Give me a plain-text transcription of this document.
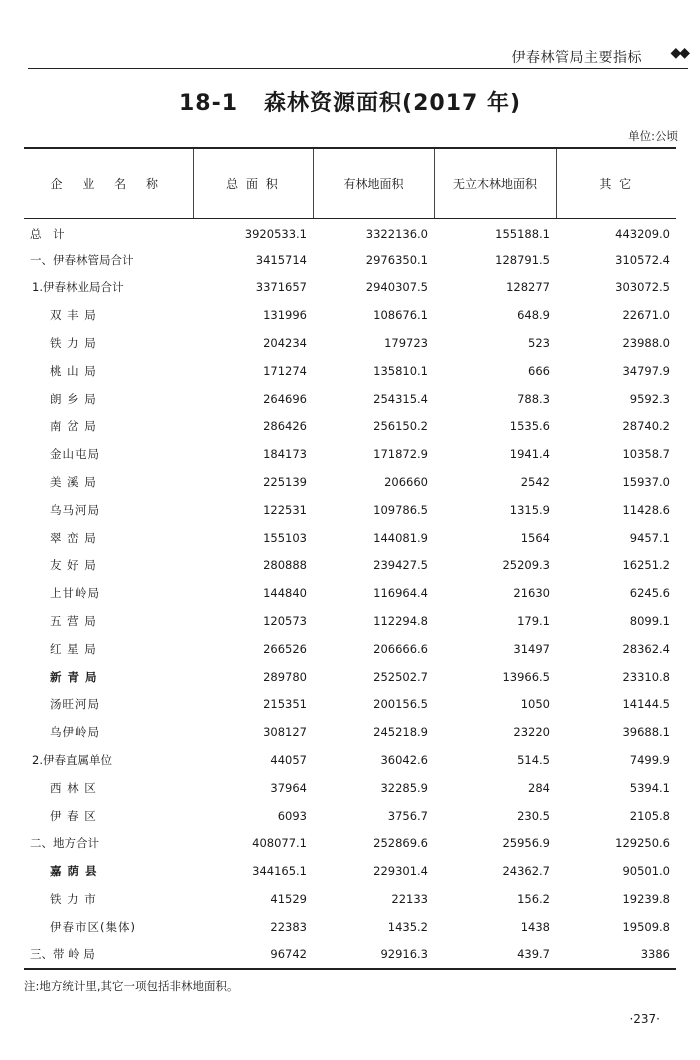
伊春林管局主要指标 ◆◆
18-1 森林资源面积(2017 年)
单位:公顷
企 业 名 称	总 面 积	有林地面积	无立木林地面积	其 它
总　计	3920533.1	3322136.0	155188.1	443209.0
一、伊春林管局合计	3415714	2976350.1	128791.5	310572.4
1.伊春林业局合计	3371657	2940307.5	128277	303072.5
双 丰 局	131996	108676.1	648.9	22671.0
铁 力 局	204234	179723	523	23988.0
桃 山 局	171274	135810.1	666	34797.9
朗 乡 局	264696	254315.4	788.3	9592.3
南 岔 局	286426	256150.2	1535.6	28740.2
金山屯局	184173	171872.9	1941.4	10358.7
美 溪 局	225139	206660	2542	15937.0
乌马河局	122531	109786.5	1315.9	11428.6
翠 峦 局	155103	144081.9	1564	9457.1
友 好 局	280888	239427.5	25209.3	16251.2
上甘岭局	144840	116964.4	21630	6245.6
五 营 局	120573	112294.8	179.1	8099.1
红 星 局	266526	206666.6	31497	28362.4
新 青 局	289780	252502.7	13966.5	23310.8
汤旺河局	215351	200156.5	1050	14144.5
乌伊岭局	308127	245218.9	23220	39688.1
2.伊春直属单位	44057	36042.6	514.5	7499.9
西 林 区	37964	32285.9	284	5394.1
伊 春 区	6093	3756.7	230.5	2105.8
二、地方合计	408077.1	252869.6	25956.9	129250.6
嘉 荫 县	344165.1	229301.4	24362.7	90501.0
铁 力 市	41529	22133	156.2	19239.8
伊春市区(集体)	22383	1435.2	1438	19509.8
三、带 岭 局	96742	92916.3	439.7	3386
注:地方统计里,其它一项包括非林地面积。
·237·
